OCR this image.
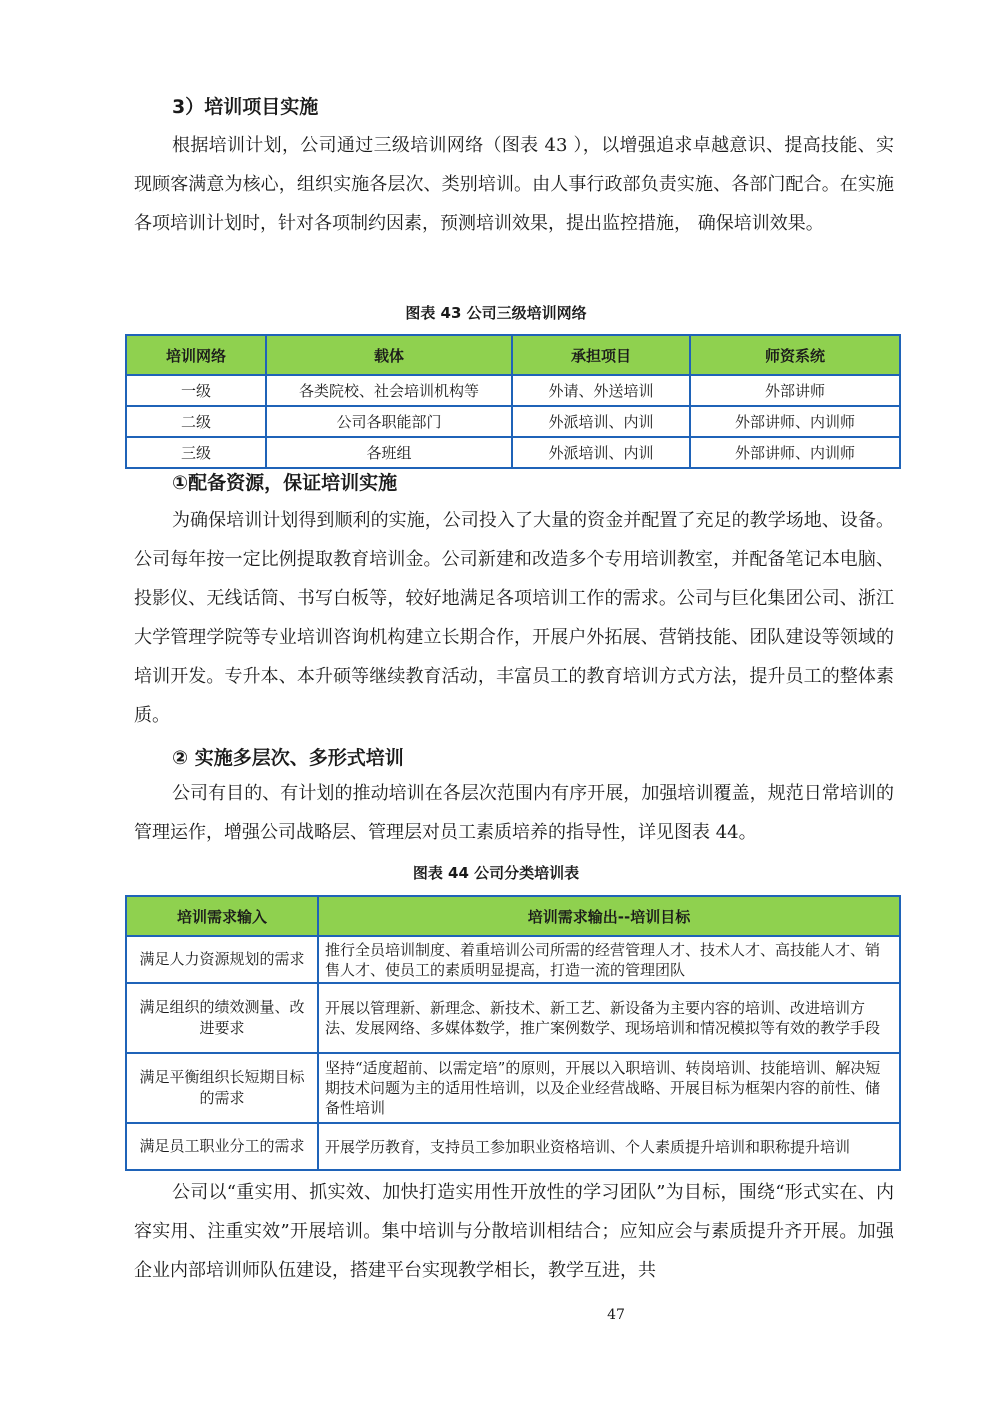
3）培训项目实施
根据培训计划，公司通过三级培训网络（图表 43 ），以增强追求卓越意识、提高技能、实现顾客满意为核心，组织实施各层次、类别培训。由人事行政部负责实施、各部门配合。在实施各项培训计划时，针对各项制约因素，预测培训效果，提出监控措施， 确保培训效果。
图表 43 公司三级培训网络
培训网络	载体	承担项目	师资系统
一级	各类院校、社会培训机构等	外请、外送培训	外部讲师
二级	公司各职能部门	外派培训、内训	外部讲师、内训师
三级	各班组	外派培训、内训	外部讲师、内训师
①配备资源，保证培训实施
为确保培训计划得到顺利的实施，公司投入了大量的资金并配置了充足的教学场地、设备。公司每年按一定比例提取教育培训金。公司新建和改造多个专用培训教室，并配备笔记本电脑、投影仪、无线话筒、书写白板等，较好地满足各项培训工作的需求。公司与巨化集团公司、浙江大学管理学院等专业培训咨询机构建立长期合作，开展户外拓展、营销技能、团队建设等领域的培训开发。专升本、本升硕等继续教育活动，丰富员工的教育培训方式方法，提升员工的整体素质。
② 实施多层次、多形式培训
公司有目的、有计划的推动培训在各层次范围内有序开展，加强培训覆盖，规范日常培训的管理运作，增强公司战略层、管理层对员工素质培养的指导性，详见图表 44。
图表 44 公司分类培训表
培训需求输入	培训需求输出--培训目标
满足人力资源规划的需求	推行全员培训制度、着重培训公司所需的经营管理人才、技术人才、高技能人才、销售人才、使员工的素质明显提高，打造一流的管理团队
满足组织的绩效测量、改进要求	开展以管理新、新理念、新技术、新工艺、新设备为主要内容的培训、改进培训方法、发展网络、多媒体数学，推广案例数学、现场培训和情况模拟等有效的教学手段
满足平衡组织长短期目标的需求	坚持“适度超前、以需定培”的原则，开展以入职培训、转岗培训、技能培训、解决短期技术问题为主的适用性培训，以及企业经营战略、开展目标为框架内容的前性、储备性培训
满足员工职业分工的需求	开展学历教育，支持员工参加职业资格培训、个人素质提升培训和职称提升培训
公司以“重实用、抓实效、加快打造实用性开放性的学习团队”为目标，围绕“形式实在、内容实用、注重实效”开展培训。集中培训与分散培训相结合；应知应会与素质提升齐开展。加强企业内部培训师队伍建设，搭建平台实现教学相长，教学互进，共
47
